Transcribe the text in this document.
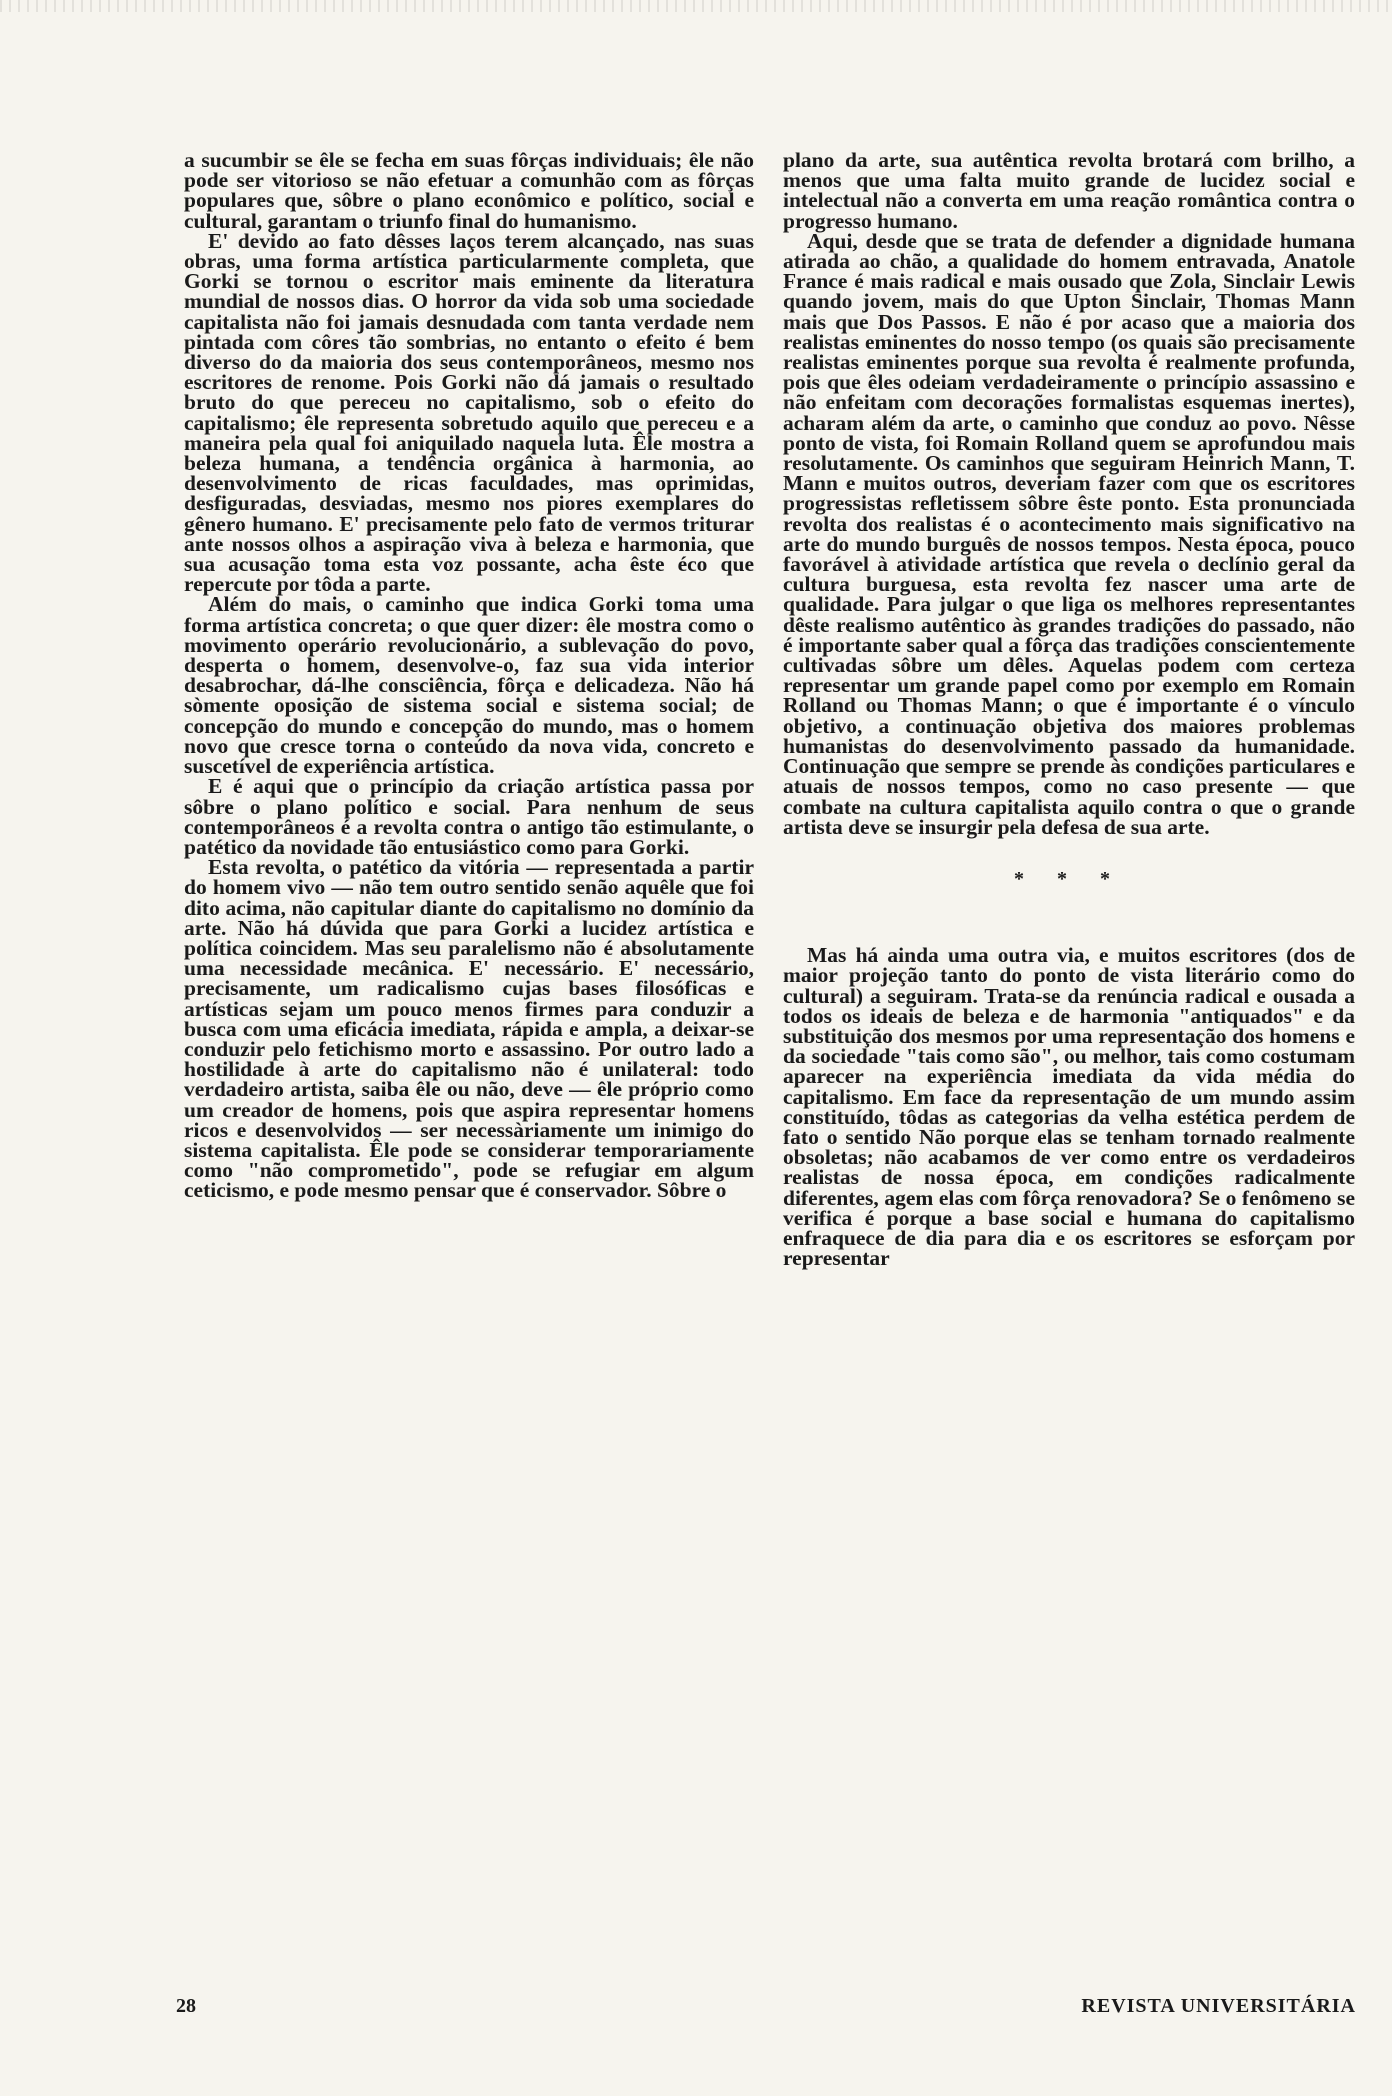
a sucumbir se êle se fecha em suas fôrças individuais; êle não pode ser vitorioso se não efetuar a comunhão com as fôrças populares que, sôbre o plano econômico e político, social e cultural, garantam o triunfo final do humanismo.

E' devido ao fato dêsses laços terem alcançado, nas suas obras, uma forma artística particularmente completa, que Gorki se tornou o escritor mais eminente da literatura mundial de nossos dias. O horror da vida sob uma sociedade capitalista não foi jamais desnudada com tanta verdade nem pintada com côres tão sombrias, no entanto o efeito é bem diverso do da maioria dos seus contemporâneos, mesmo nos escritores de renome. Pois Gorki não dá jamais o resultado bruto do que pereceu no capitalismo, sob o efeito do capitalismo; êle representa sobretudo aquilo que pereceu e a maneira pela qual foi aniquilado naquela luta. Êle mostra a beleza humana, a tendência orgânica à harmonia, ao desenvolvimento de ricas faculdades, mas oprimidas, desfiguradas, desviadas, mesmo nos piores exemplares do gênero humano. E' precisamente pelo fato de vermos triturar ante nossos olhos a aspiração viva à beleza e harmonia, que sua acusação toma esta voz possante, acha êste éco que repercute por tôda a parte.

Além do mais, o caminho que indica Gorki toma uma forma artística concreta; o que quer dizer: êle mostra como o movimento operário revolucionário, a sublevação do povo, desperta o homem, desenvolve-o, faz sua vida interior desabrochar, dá-lhe consciência, fôrça e delicadeza. Não há sòmente oposição de sistema social e sistema social; de concepção do mundo e concepção do mundo, mas o homem novo que cresce torna o conteúdo da nova vida, concreto e suscetível de experiência artística.

E é aqui que o princípio da criação artística passa por sôbre o plano político e social. Para nenhum de seus contemporâneos é a revolta contra o antigo tão estimulante, o patético da novidade tão entusiástico como para Gorki.

Esta revolta, o patético da vitória — representada a partir do homem vivo — não tem outro sentido senão aquêle que foi dito acima, não capitular diante do capitalismo no domínio da arte. Não há dúvida que para Gorki a lucidez artística e política coincidem. Mas seu paralelismo não é absolutamente uma necessidade mecânica. E' necessário. E' necessário, precisamente, um radicalismo cujas bases filosóficas e artísticas sejam um pouco menos firmes para conduzir a busca com uma eficácia imediata, rápida e ampla, a deixar-se conduzir pelo fetichismo morto e assassino. Por outro lado a hostilidade à arte do capitalismo não é unilateral: todo verdadeiro artista, saiba êle ou não, deve — êle próprio como um creador de homens, pois que aspira representar homens ricos e desenvolvidos — ser necessàriamente um inimigo do sistema capitalista. Êle pode se considerar temporariamente como "não comprometido", pode se refugiar em algum ceticismo, e pode mesmo pensar que é conservador. Sôbre o

plano da arte, sua autêntica revolta brotará com brilho, a menos que uma falta muito grande de lucidez social e intelectual não a converta em uma reação romântica contra o progresso humano.

Aqui, desde que se trata de defender a dignidade humana atirada ao chão, a qualidade do homem entravada, Anatole France é mais radical e mais ousado que Zola, Sinclair Lewis quando jovem, mais do que Upton Sinclair, Thomas Mann mais que Dos Passos. E não é por acaso que a maioria dos realistas eminentes do nosso tempo (os quais são precisamente realistas eminentes porque sua revolta é realmente profunda, pois que êles odeiam verdadeiramente o princípio assassino e não enfeitam com decorações formalistas esquemas inertes), acharam além da arte, o caminho que conduz ao povo. Nêsse ponto de vista, foi Romain Rolland quem se aprofundou mais resolutamente. Os caminhos que seguiram Heinrich Mann, T. Mann e muitos outros, deveriam fazer com que os escritores progressistas refletissem sôbre êste ponto. Esta pronunciada revolta dos realistas é o acontecimento mais significativo na arte do mundo burguês de nossos tempos. Nesta época, pouco favorável à atividade artística que revela o declínio geral da cultura burguesa, esta revolta fez nascer uma arte de qualidade. Para julgar o que liga os melhores representantes dêste realismo autêntico às grandes tradições do passado, não é importante saber qual a fôrça das tradições conscientemente cultivadas sôbre um dêles. Aquelas podem com certeza representar um grande papel como por exemplo em Romain Rolland ou Thomas Mann; o que é importante é o vínculo objetivo, a continuação objetiva dos maiores problemas humanistas do desenvolvimento passado da humanidade. Continuação que sempre se prende às condições particulares e atuais de nossos tempos, como no caso presente — que combate na cultura capitalista aquilo contra o que o grande artista deve se insurgir pela defesa de sua arte.

* * *

Mas há ainda uma outra via, e muitos escritores (dos de maior projeção tanto do ponto de vista literário como do cultural) a seguiram. Trata-se da renúncia radical e ousada a todos os ideais de beleza e de harmonia "antiquados" e da substituição dos mesmos por uma representação dos homens e da sociedade "tais como são", ou melhor, tais como costumam aparecer na experiência imediata da vida média do capitalismo. Em face da representação de um mundo assim constituído, tôdas as categorias da velha estética perdem de fato o sentido Não porque elas se tenham tornado realmente obsoletas; não acabamos de ver como entre os verdadeiros realistas de nossa época, em condições radicalmente diferentes, agem elas com fôrça renovadora? Se o fenômeno se verifica é porque a base social e humana do capitalismo enfraquece de dia para dia e os escritores se esforçam por representar

28	REVISTA UNIVERSITÁRIA
